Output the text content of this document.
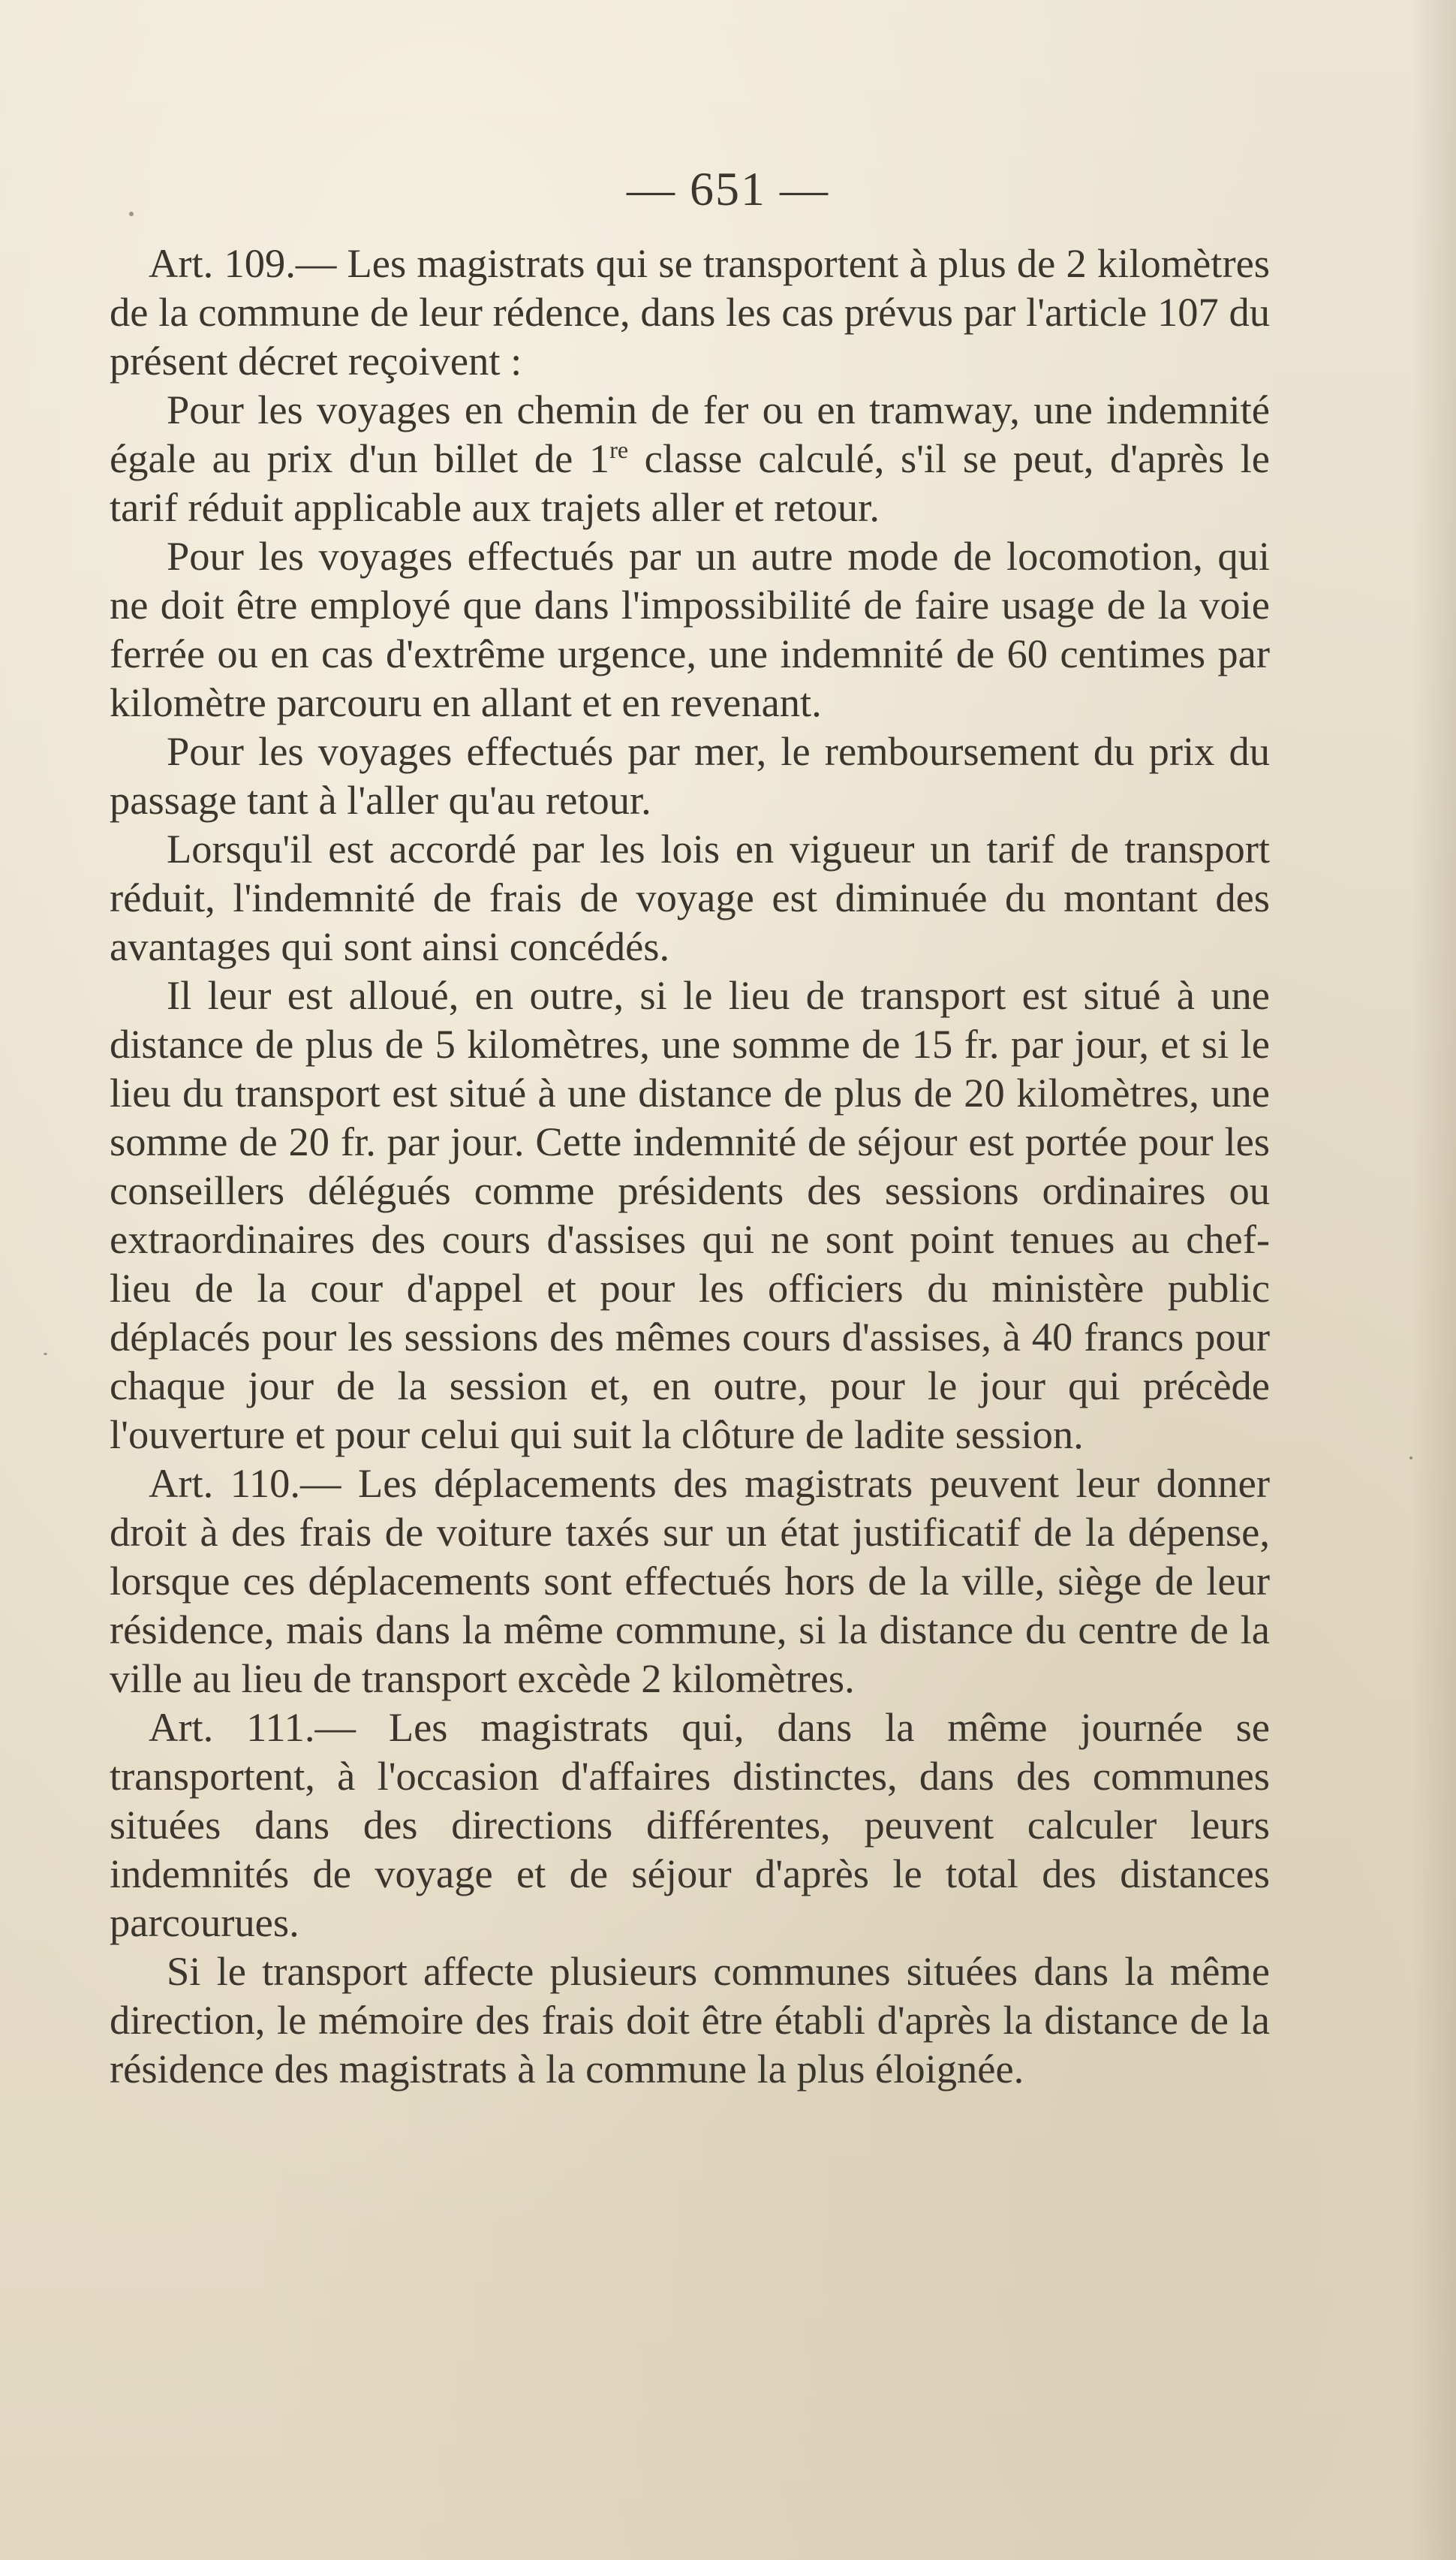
— 651 —

Art. 109.— Les magistrats qui se transportent à plus de 2 kilomètres de la commune de leur rédence, dans les cas prévus par l'article 107 du présent décret reçoivent :

Pour les voyages en chemin de fer ou en tramway, une indemnité égale au prix d'un billet de 1re classe calculé, s'il se peut, d'après le tarif réduit applicable aux trajets aller et retour.

Pour les voyages effectués par un autre mode de locomotion, qui ne doit être employé que dans l'impossibilité de faire usage de la voie ferrée ou en cas d'extrême urgence, une indemnité de 60 centimes par kilomètre parcouru en allant et en revenant.

Pour les voyages effectués par mer, le remboursement du prix du passage tant à l'aller qu'au retour.

Lorsqu'il est accordé par les lois en vigueur un tarif de transport réduit, l'indemnité de frais de voyage est diminuée du montant des avantages qui sont ainsi concédés.

Il leur est alloué, en outre, si le lieu de transport est situé à une distance de plus de 5 kilomètres, une somme de 15 fr. par jour, et si le lieu du transport est situé à une distance de plus de 20 kilomètres, une somme de 20 fr. par jour. Cette indemnité de séjour est portée pour les conseillers délégués comme présidents des sessions ordinaires ou extraordinaires des cours d'assises qui ne sont point tenues au chef-lieu de la cour d'appel et pour les officiers du ministère public déplacés pour les sessions des mêmes cours d'assises, à 40 francs pour chaque jour de la session et, en outre, pour le jour qui précède l'ouverture et pour celui qui suit la clôture de ladite session.

Art. 110.— Les déplacements des magistrats peuvent leur donner droit à des frais de voiture taxés sur un état justificatif de la dépense, lorsque ces déplacements sont effectués hors de la ville, siège de leur résidence, mais dans la même commune, si la distance du centre de la ville au lieu de transport excède 2 kilomètres.

Art. 111.— Les magistrats qui, dans la même journée se transportent, à l'occasion d'affaires distinctes, dans des communes situées dans des directions différentes, peuvent calculer leurs indemnités de voyage et de séjour d'après le total des distances parcourues.

Si le transport affecte plusieurs communes situées dans la même direction, le mémoire des frais doit être établi d'après la distance de la résidence des magistrats à la commune la plus éloignée.
